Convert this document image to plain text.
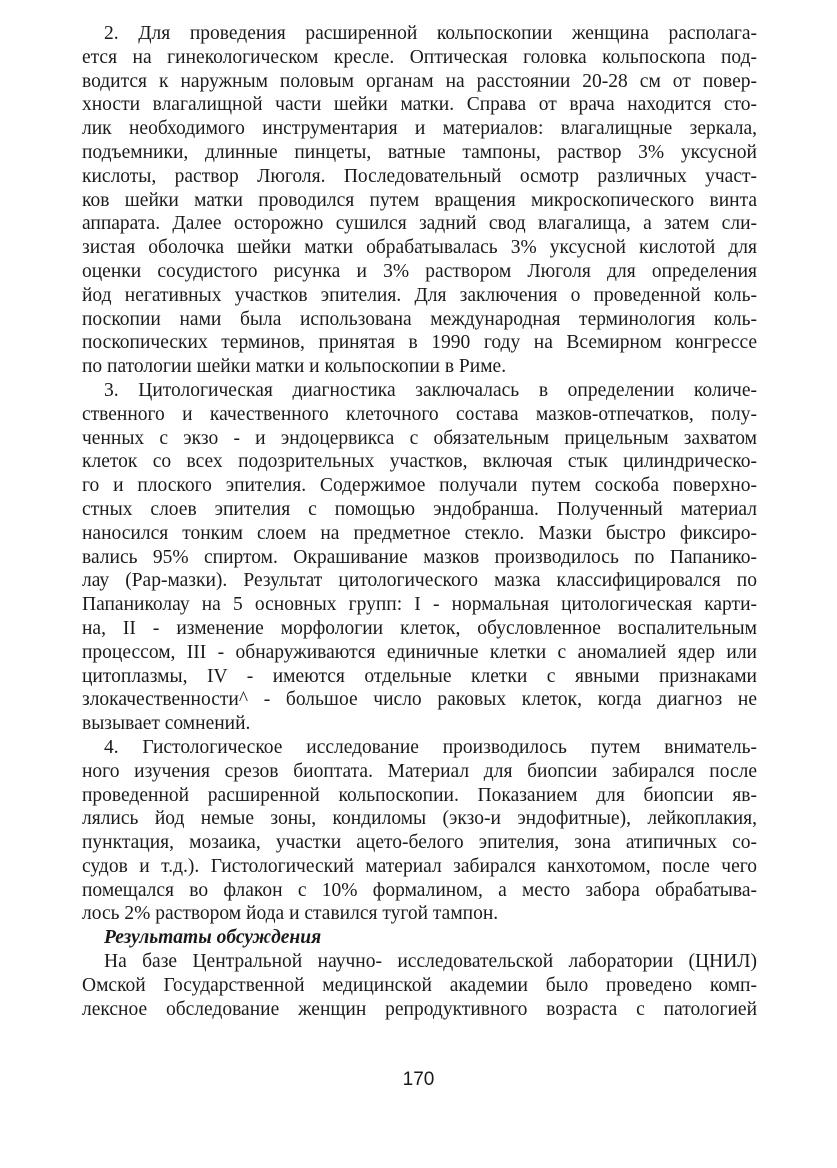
2. Для проведения расширенной кольпоскопии женщина располага-
ется на гинекологическом кресле. Оптическая головка кольпоскопа под-
водится к наружным половым органам на расстоянии 20-28 см от повер-
хности влагалищной части шейки матки. Справа от врача находится сто-
лик необходимого инструментария и материалов: влагалищные зеркала,
подъемники, длинные пинцеты, ватные тампоны, раствор 3% уксусной
кислоты, раствор Люголя. Последовательный осмотр различных участ-
ков шейки матки проводился путем вращения микроскопического винта
аппарата. Далее осторожно сушился задний свод влагалища, а затем сли-
зистая оболочка шейки матки обрабатывалась 3% уксусной кислотой для
оценки сосудистого рисунка и 3% раствором Люголя для определения
йод негативных участков эпителия. Для заключения о проведенной коль-
поскопии нами была использована международная терминология коль-
поскопических терминов, принятая в 1990 году на Всемирном конгрессе
по патологии шейки матки и кольпоскопии в Риме.
3. Цитологическая диагностика заключалась в определении количе-
ственного и качественного клеточного состава мазков-отпечатков, полу-
ченных с экзо - и эндоцервикса с обязательным прицельным захватом
клеток со всех подозрительных участков, включая стык цилиндрическо-
го и плоского эпителия. Содержимое получали путем соскоба поверхно-
стных слоев эпителия с помощью эндобранша. Полученный материал
наносился тонким слоем на предметное стекло. Мазки быстро фиксиро-
вались 95% спиртом. Окрашивание мазков производилось по Папанико-
лау (Pap-мазки). Результат цитологического мазка классифицировался по
Папаниколау на 5 основных групп: I - нормальная цитологическая карти-
на, II - изменение морфологии клеток, обусловленное воспалительным
процессом, III - обнаруживаются единичные клетки с аномалией ядер или
цитоплазмы, IV - имеются отдельные клетки с явными признаками
злокачественности^ - большое число раковых клеток, когда диагноз не
вызывает сомнений.
4. Гистологическое исследование производилось путем вниматель-
ного изучения срезов биоптата. Материал для биопсии забирался после
проведенной расширенной кольпоскопии. Показанием для биопсии яв-
лялись йод немые зоны, кондиломы (экзо-и эндофитные), лейкоплакия,
пунктация, мозаика, участки ацето-белого эпителия, зона атипичных со-
судов и т.д.). Гистологический материал забирался канхотомом, после чего
помещался во флакон с 10% формалином, а место забора обрабатыва-
лось 2% раствором йода и ставился тугой тампон.
Результаты обсуждения
На базе Центральной научно- исследовательской лаборатории (ЦНИЛ)
Омской Государственной медицинской академии было проведено комп-
лексное обследование женщин репродуктивного возраста с патологией
170
